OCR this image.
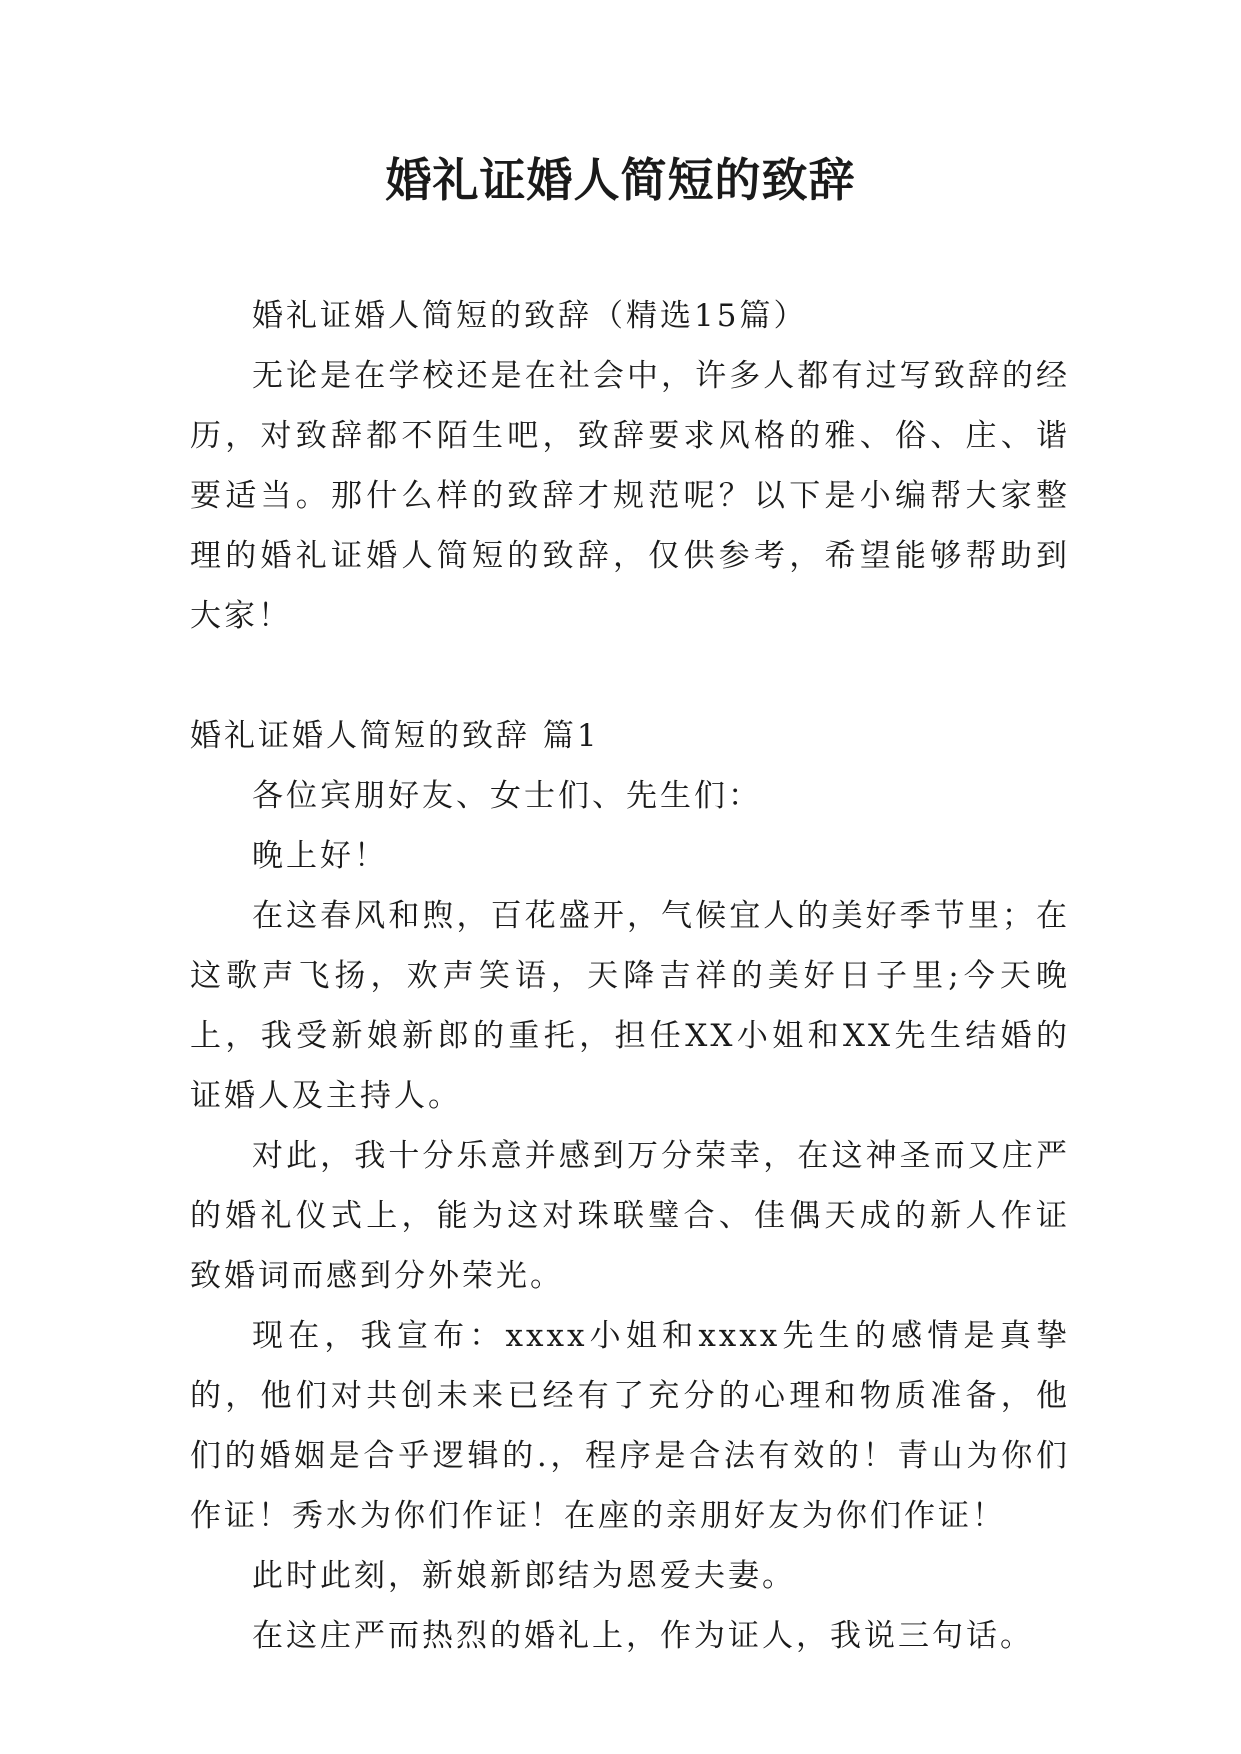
婚礼证婚人简短的致辞

婚礼证婚人简短的致辞（精选15篇）

无论是在学校还是在社会中，许多人都有过写致辞的经历，对致辞都不陌生吧，致辞要求风格的雅、俗、庄、谐要适当。那什么样的致辞才规范呢？以下是小编帮大家整理的婚礼证婚人简短的致辞，仅供参考，希望能够帮助到大家！

婚礼证婚人简短的致辞 篇1

各位宾朋好友、女士们、先生们：

晚上好！

在这春风和煦，百花盛开，气候宜人的美好季节里；在这歌声飞扬，欢声笑语，天降吉祥的美好日子里;今天晚上，我受新娘新郎的重托，担任XX小姐和XX先生结婚的证婚人及主持人。

对此，我十分乐意并感到万分荣幸，在这神圣而又庄严的婚礼仪式上，能为这对珠联璧合、佳偶天成的新人作证致婚词而感到分外荣光。

现在，我宣布：xxxx小姐和xxxx先生的感情是真挚的，他们对共创未来已经有了充分的心理和物质准备，他们的婚姻是合乎逻辑的.，程序是合法有效的！青山为你们作证！秀水为你们作证！在座的亲朋好友为你们作证！

此时此刻，新娘新郎结为恩爱夫妻。

在这庄严而热烈的婚礼上，作为证人，我说三句话。
